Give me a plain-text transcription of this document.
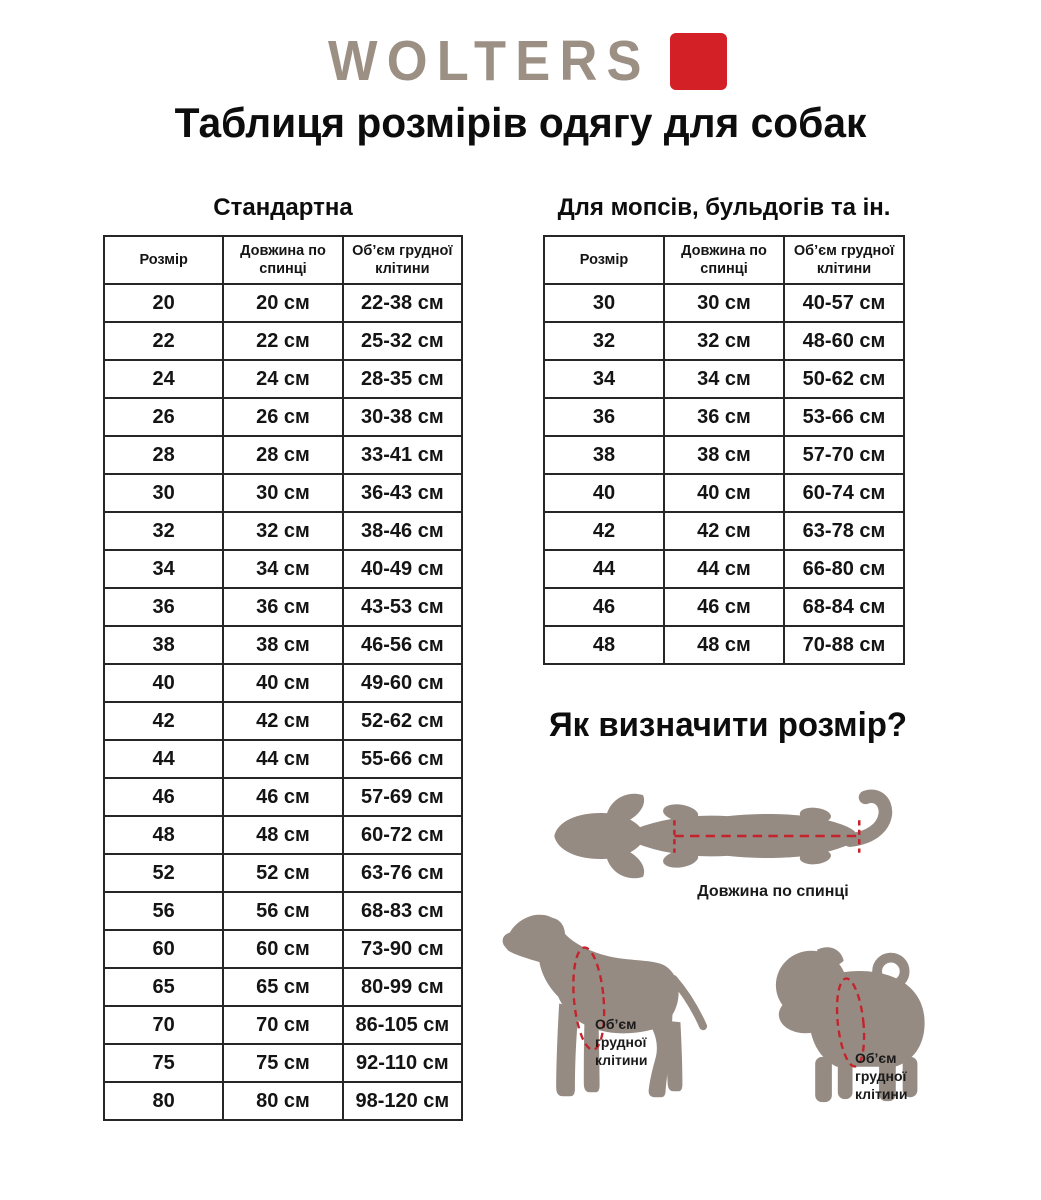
WOLTERS
Таблиця розмірів одягу для собак
Стандартна
Розмір	Довжина по спинці	Об’єм грудної клітини
20	20 см	22-38 см
22	22 см	25-32 см
24	24 см	28-35 см
26	26 см	30-38 см
28	28 см	33-41 см
30	30 см	36-43 см
32	32 см	38-46 см
34	34 см	40-49 см
36	36 см	43-53 см
38	38 см	46-56 см
40	40 см	49-60 см
42	42 см	52-62 см
44	44 см	55-66 см
46	46 см	57-69 см
48	48 см	60-72 см
52	52 см	63-76 см
56	56 см	68-83 см
60	60 см	73-90 см
65	65 см	80-99 см
70	70 см	86-105 см
75	75 см	92-110 см
80	80 см	98-120 см
Для мопсів, бульдогів та ін.
Розмір	Довжина по спинці	Об’єм грудної клітини
30	30 см	40-57 см
32	32 см	48-60 см
34	34 см	50-62 см
36	36 см	53-66 см
38	38 см	57-70 см
40	40 см	60-74 см
42	42 см	63-78 см
44	44 см	66-80 см
46	46 см	68-84 см
48	48 см	70-88 см
Як визначити розмір?
Довжина по спинці
Об’єм грудної клітини	Об’єм грудної клітини
